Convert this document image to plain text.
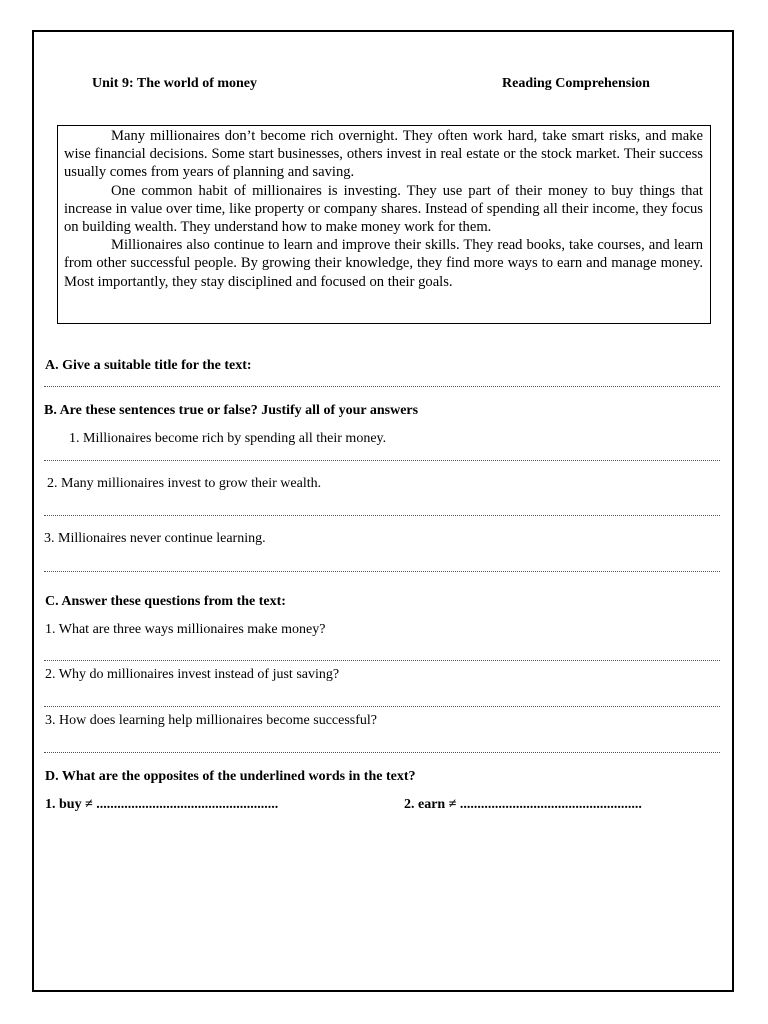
Unit 9: The world of money	Reading Comprehension

Many millionaires don’t become rich overnight. They often work hard, take smart risks, and make wise financial decisions. Some start businesses, others invest in real estate or the stock market. Their success usually comes from years of planning and saving.

One common habit of millionaires is investing. They use part of their money to buy things that increase in value over time, like property or company shares. Instead of spending all their income, they focus on building wealth. They understand how to make money work for them.

Millionaires also continue to learn and improve their skills. They read books, take courses, and learn from other successful people. By growing their knowledge, they find more ways to earn and manage money. Most importantly, they stay disciplined and focused on their goals.

A. Give a suitable title for the text:
B. Are these sentences true or false? Justify all of your answers
1. Millionaires become rich by spending all their money.
2. Many millionaires invest to grow their wealth.
3. Millionaires never continue learning.
C. Answer these questions from the text:
1. What are three ways millionaires make money?
2. Why do millionaires invest instead of just saving?
3. How does learning help millionaires become successful?
D. What are the opposites of the underlined words in the text?
1. buy ≠ ....................................................	2. earn ≠ ....................................................
